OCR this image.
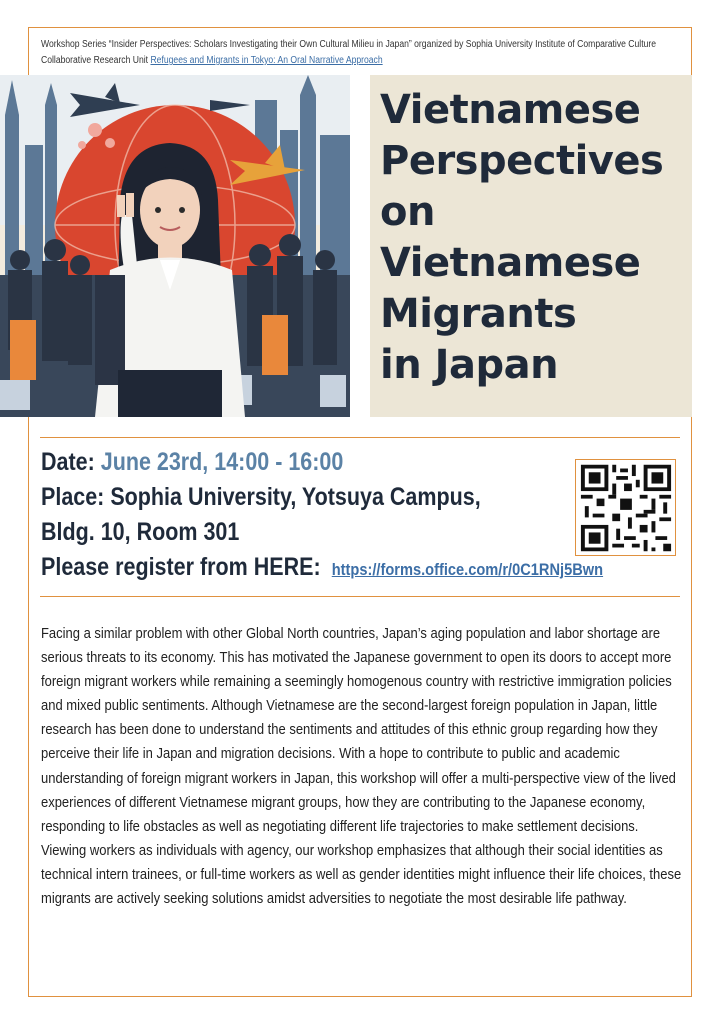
Workshop Series “Insider Perspectives: Scholars Investigating their Own Cultural Milieu in Japan” organized by Sophia University Institute of Comparative Culture Collaborative Research Unit Refugees and Migrants in Tokyo: An Oral Narrative Approach
Vietnamese
Perspectives
on
Vietnamese
Migrants
in Japan
Date: June 23rd, 14:00 - 16:00
Place: Sophia University, Yotsuya Campus,
Bldg. 10, Room 301
Please register from HERE: https://forms.office.com/r/0C1RNj5Bwn

Facing a similar problem with other Global North countries, Japan’s aging population and labor shortage are serious threats to its economy. This has motivated the Japanese government to open its doors to accept more foreign migrant workers while remaining a seemingly homogenous country with restrictive immigration policies and mixed public sentiments. Although Vietnamese are the second-largest foreign population in Japan, little research has been done to understand the sentiments and attitudes of this ethnic group regarding how they perceive their life in Japan and migration decisions. With a hope to contribute to public and academic understanding of foreign migrant workers in Japan, this workshop will offer a multi-perspective view of the lived experiences of different Vietnamese migrant groups, how they are contributing to the Japanese economy, responding to life obstacles as well as negotiating different life trajectories to make settlement decisions. Viewing workers as individuals with agency, our workshop emphasizes that although their social identities as technical intern trainees, or full-time workers as well as gender identities might influence their life choices, these migrants are actively seeking solutions amidst adversities to negotiate the most desirable life pathway.
